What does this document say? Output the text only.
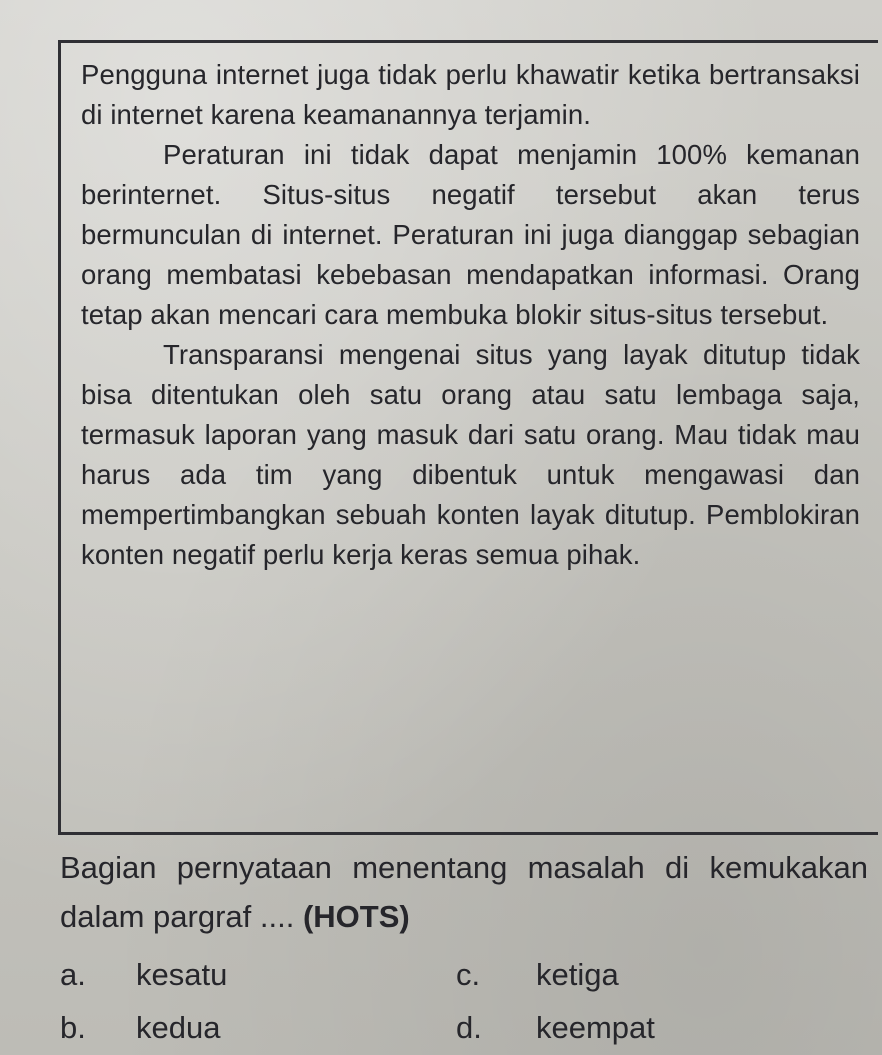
Pengguna internet juga tidak perlu khawatir ketika bertransaksi di internet karena keamanannya terjamin.

Peraturan ini tidak dapat menjamin 100% kemanan berinternet. Situs-situs negatif tersebut akan terus bermunculan di internet. Peraturan ini juga dianggap sebagian orang membatasi kebebasan mendapatkan informasi. Orang tetap akan mencari cara membuka blokir situs-situs tersebut.

Transparansi mengenai situs yang layak ditutup tidak bisa ditentukan oleh satu orang atau satu lembaga saja, termasuk laporan yang masuk dari satu orang. Mau tidak mau harus ada tim yang dibentuk untuk mengawasi dan mempertimbangkan sebuah konten layak ditutup. Pemblokiran konten negatif perlu kerja keras semua pihak.

Bagian pernyataan menentang masalah di kemukakan dalam pargraf .... (HOTS)

a. kesatu
b. kedua
c. ketiga
d. keempat
